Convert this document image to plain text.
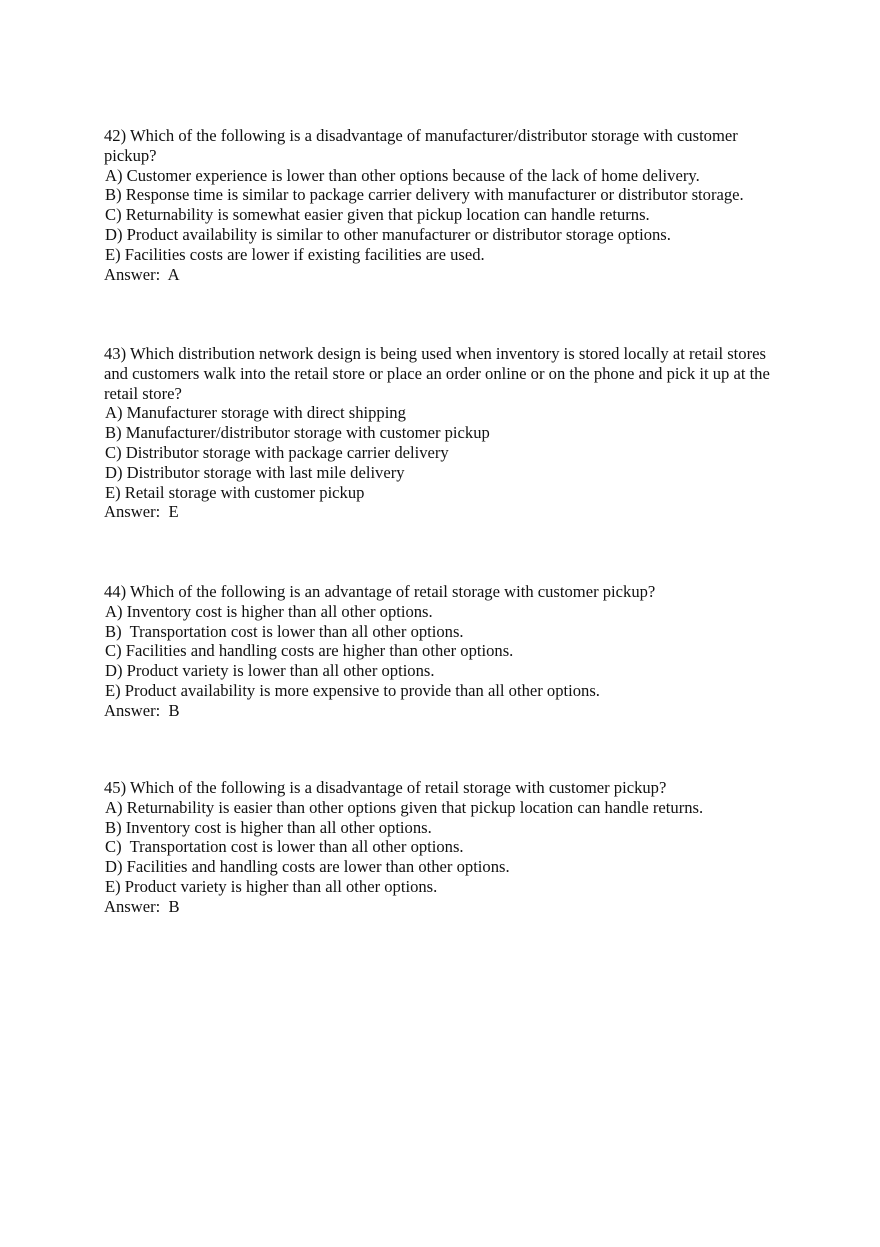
42) Which of the following is a disadvantage of manufacturer/distributor storage with customer pickup?

A) Customer experience is lower than other options because of the lack of home delivery.

B) Response time is similar to package carrier delivery with manufacturer or distributor storage.

C) Returnability is somewhat easier given that pickup location can handle returns.

D) Product availability is similar to other manufacturer or distributor storage options.

E) Facilities costs are lower if existing facilities are used.

Answer:  A

43) Which distribution network design is being used when inventory is stored locally at retail stores and customers walk into the retail store or place an order online or on the phone and pick it up at the retail store?

A) Manufacturer storage with direct shipping

B) Manufacturer/distributor storage with customer pickup

C) Distributor storage with package carrier delivery

D) Distributor storage with last mile delivery

E) Retail storage with customer pickup

Answer:  E

44) Which of the following is an advantage of retail storage with customer pickup?

A) Inventory cost is higher than all other options.

B)  Transportation cost is lower than all other options.

C) Facilities and handling costs are higher than other options.

D) Product variety is lower than all other options.

E) Product availability is more expensive to provide than all other options.

Answer:  B

45) Which of the following is a disadvantage of retail storage with customer pickup?

A) Returnability is easier than other options given that pickup location can handle returns.

B) Inventory cost is higher than all other options.

C)  Transportation cost is lower than all other options.

D) Facilities and handling costs are lower than other options.

E) Product variety is higher than all other options.

Answer:  B
